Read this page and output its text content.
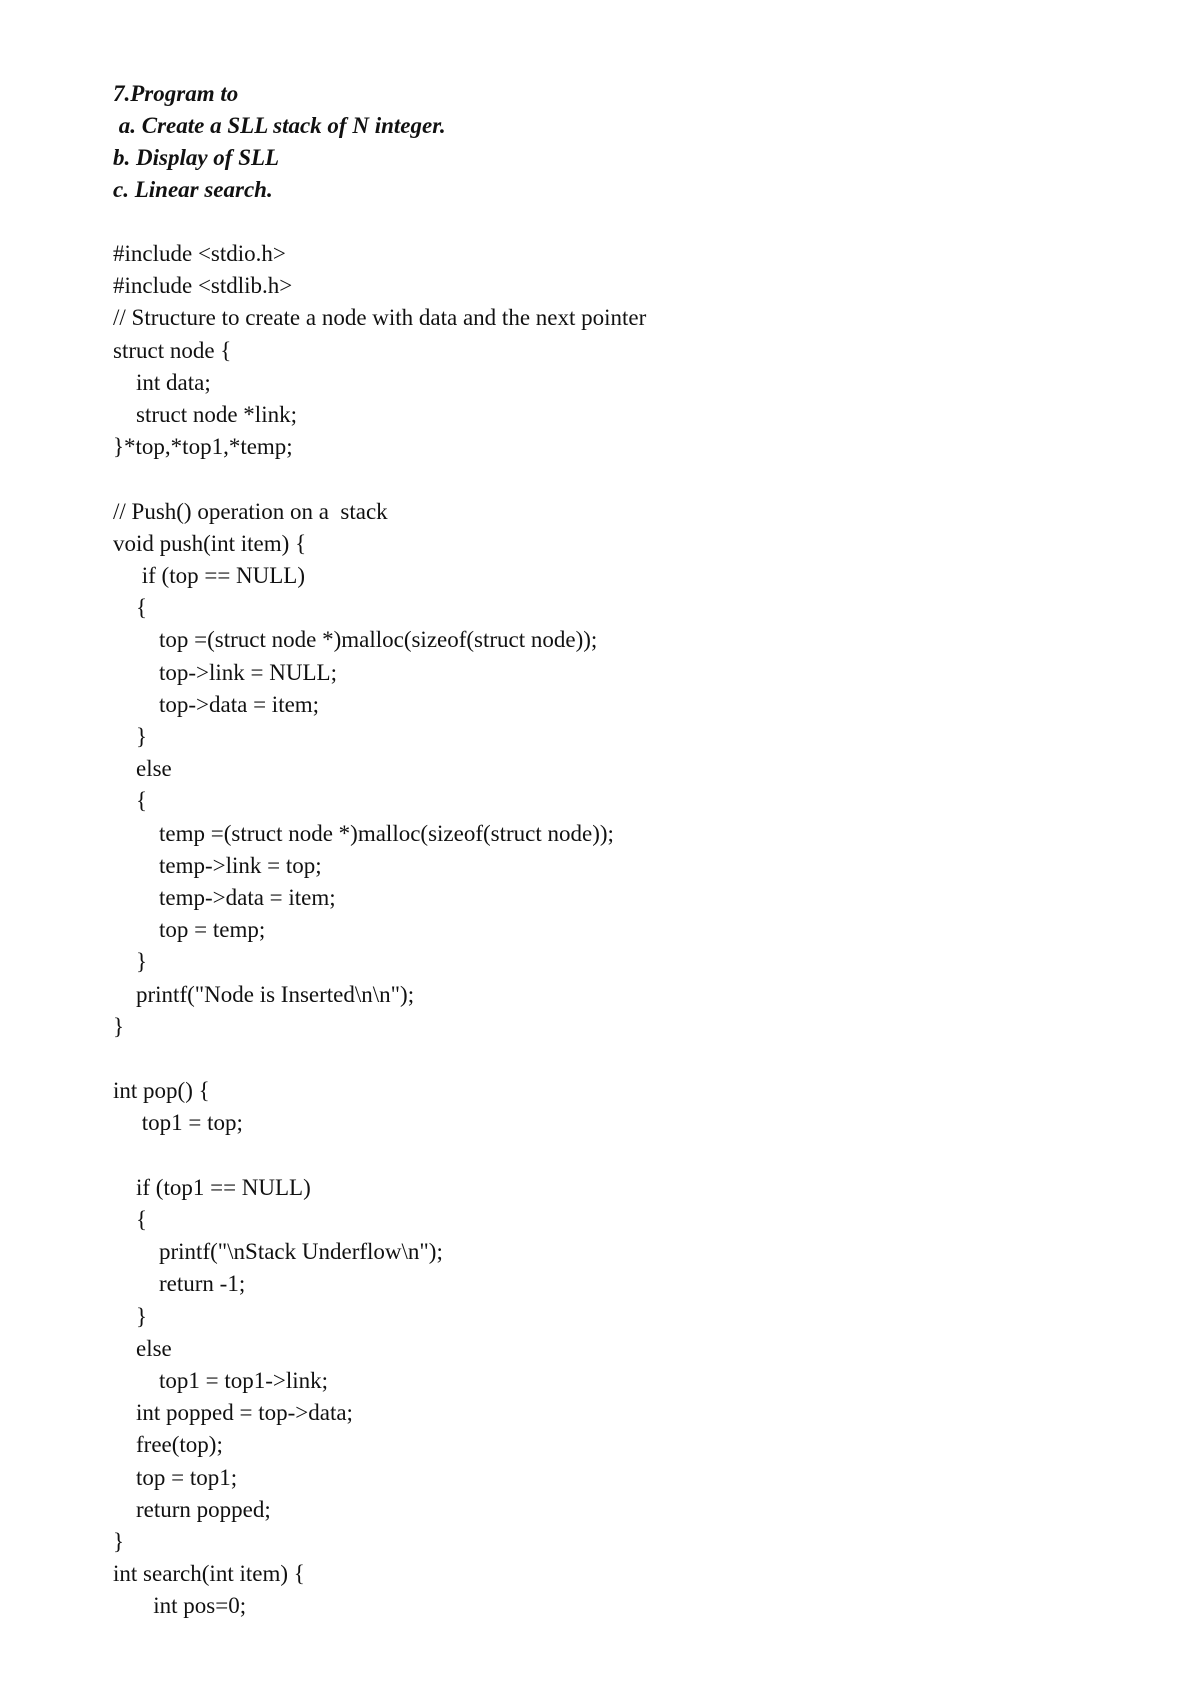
7.Program to
a. Create a SLL stack of N integer.
b. Display of SLL
c. Linear search.
#include <stdio.h>
#include <stdlib.h>
// Structure to create a node with data and the next pointer
struct node {
int data;
struct node *link;
}*top,*top1,*temp;
// Push() operation on a  stack
void push(int item) {
if (top == NULL)
{
top =(struct node *)malloc(sizeof(struct node));
top->link = NULL;
top->data = item;
}
else
{
temp =(struct node *)malloc(sizeof(struct node));
temp->link = top;
temp->data = item;
top = temp;
}
printf("Node is Inserted\n\n");
}
int pop() {
top1 = top;
if (top1 == NULL)
{
printf("\nStack Underflow\n");
return -1;
}
else
top1 = top1->link;
int popped = top->data;
free(top);
top = top1;
return popped;
}
int search(int item) {
int pos=0;
